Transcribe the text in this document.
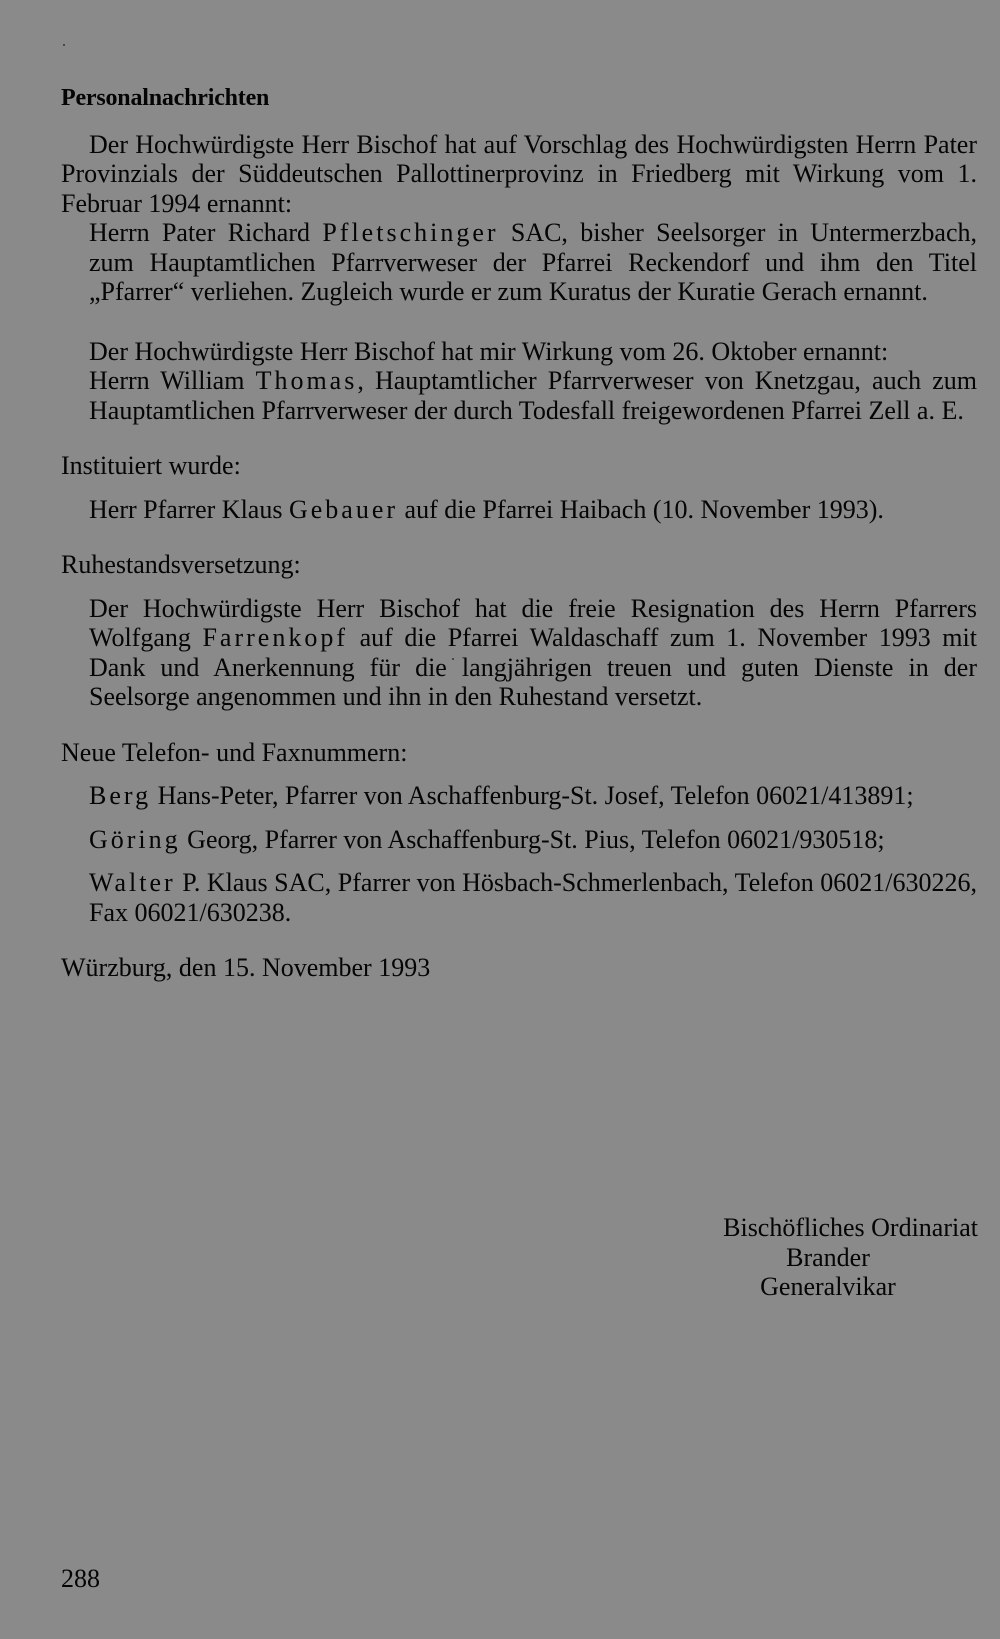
Personalnachrichten

Der Hochwürdigste Herr Bischof hat auf Vorschlag des Hochwürdigsten Herrn Pater Provinzials der Süddeutschen Pallottinerprovinz in Friedberg mit Wirkung vom 1. Februar 1994 ernannt:

Herrn Pater Richard Pfletschinger SAC, bisher Seelsorger in Untermerzbach, zum Hauptamtlichen Pfarrverweser der Pfarrei Reckendorf und ihm den Titel „Pfarrer“ verliehen. Zugleich wurde er zum Kuratus der Kuratie Gerach ernannt.

Der Hochwürdigste Herr Bischof hat mir Wirkung vom 26. Oktober ernannt:

Herrn William Thomas, Hauptamtlicher Pfarrverweser von Knetzgau, auch zum Hauptamtlichen Pfarrverweser der durch Todesfall freigewordenen Pfarrei Zell a. E.

Instituiert wurde:

Herr Pfarrer Klaus Gebauer auf die Pfarrei Haibach (10. November 1993).

Ruhestandsversetzung:

Der Hochwürdigste Herr Bischof hat die freie Resignation des Herrn Pfarrers Wolfgang Farrenkopf auf die Pfarrei Waldaschaff zum 1. November 1993 mit Dank und Anerkennung für die langjährigen treuen und guten Dienste in der Seelsorge angenommen und ihn in den Ruhestand versetzt.

Neue Telefon- und Faxnummern:

Berg Hans-Peter, Pfarrer von Aschaffenburg-St. Josef, Telefon 06021/413891;

Göring Georg, Pfarrer von Aschaffenburg-St. Pius, Telefon 06021/930518;

Walter P. Klaus SAC, Pfarrer von Hösbach-Schmerlenbach, Telefon 06021/630226, Fax 06021/630238.

Würzburg, den 15. November 1993

Bischöfliches Ordinariat
Brander
Generalvikar
288
